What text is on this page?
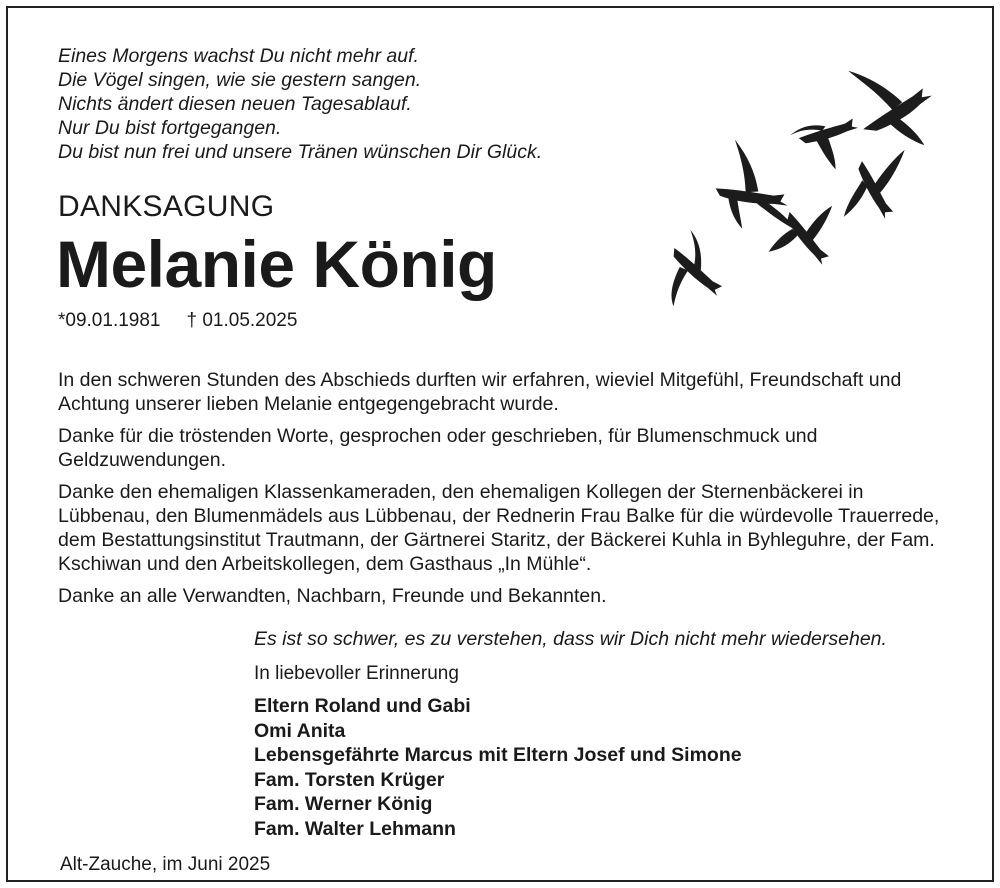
Eines Morgens wachst Du nicht mehr auf.
Die Vögel singen, wie sie gestern sangen.
Nichts ändert diesen neuen Tagesablauf.
Nur Du bist fortgegangen.
Du bist nun frei und unsere Tränen wünschen Dir Glück.
DANKSAGUNG
Melanie König
*09.01.1981 † 01.05.2025

In den schweren Stunden des Abschieds durften wir erfahren, wieviel Mitgefühl, Freundschaft und Achtung unserer lieben Melanie entgegengebracht wurde.

Danke für die tröstenden Worte, gesprochen oder geschrieben, für Blumenschmuck und Geldzuwendungen.

Danke den ehemaligen Klassenkameraden, den ehemaligen Kollegen der Sternenbäckerei in Lübbenau, den Blumenmädels aus Lübbenau, der Rednerin Frau Balke für die würdevolle Trauerrede, dem Bestattungsinstitut Trautmann, der Gärtnerei Staritz, der Bäckerei Kuhla in Byhleguhre, der Fam. Kschiwan und den Arbeitskollegen, dem Gasthaus „In Mühle“.

Danke an alle Verwandten, Nachbarn, Freunde und Bekannten.

Es ist so schwer, es zu verstehen, dass wir Dich nicht mehr wiedersehen.
In liebevoller Erinnerung
Eltern Roland und Gabi
Omi Anita
Lebensgefährte Marcus mit Eltern Josef und Simone
Fam. Torsten Krüger
Fam. Werner König
Fam. Walter Lehmann
Alt-Zauche, im Juni 2025
